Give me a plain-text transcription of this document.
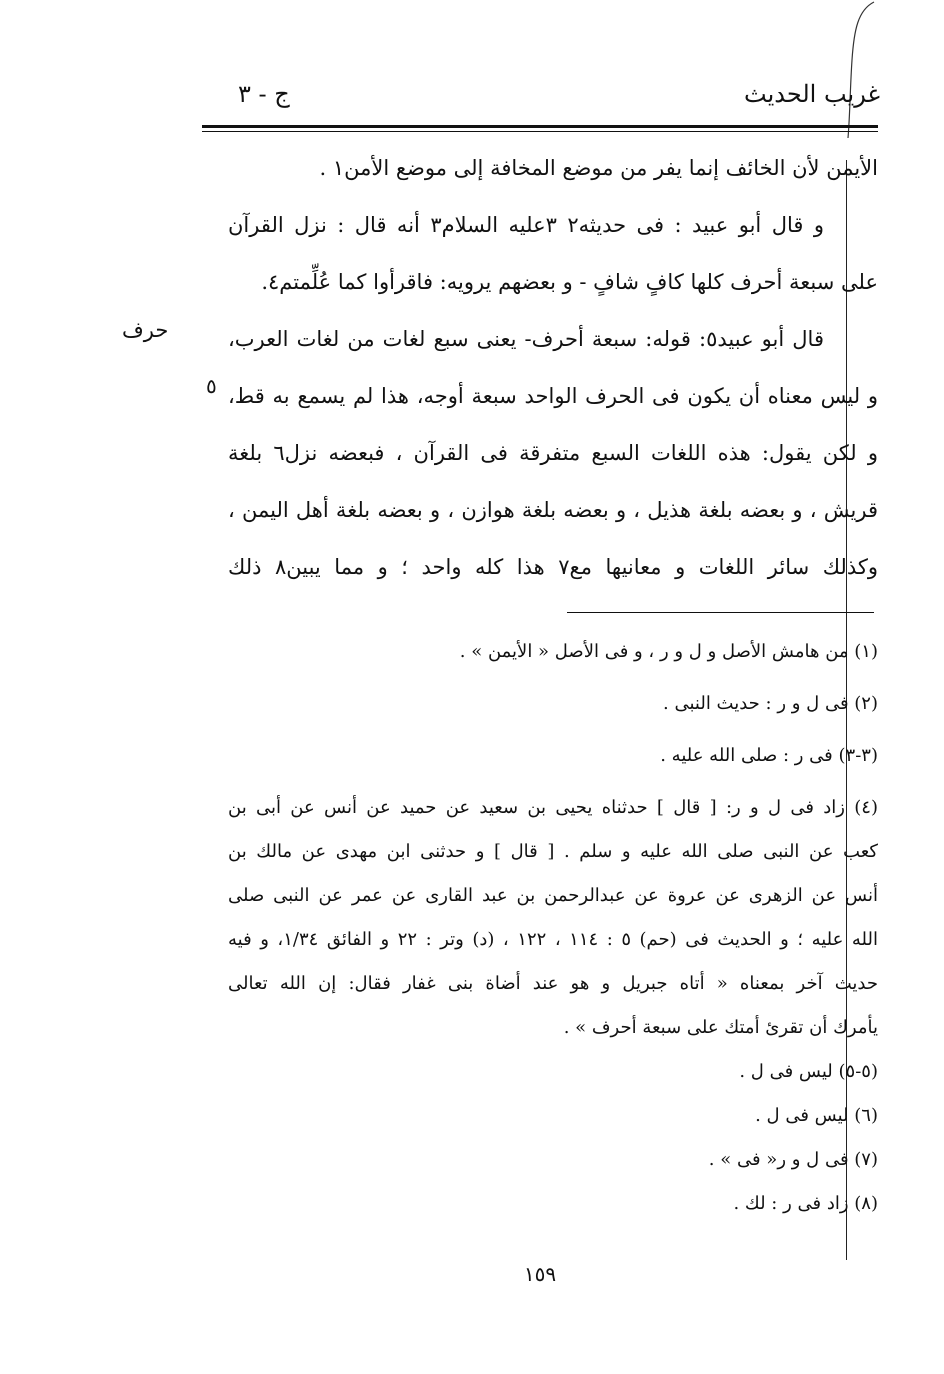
غريب الحديث
ج - ٣
حرف
٥
الأيمن لأن الخائف إنما يفر من موضع المخافة إلى موضع الأمن١ .
و قال أبو عبيد : فى حديثه٢ ٣عليه السلام٣ أنه قال : نزل القرآن
على سبعة أحرف كلها كافٍ شافٍ - و بعضهم يرويه: فاقرأوا كما عُلِّمتم٤.
قال أبو عبيد٥: قوله: سبعة أحرف- يعنى سبع لغات من لغات العرب،
و ليس معناه أن يكون فى الحرف الواحد سبعة أوجه، هذا لم يسمع به قط،
و لكن يقول: هذه اللغات السبع متفرقة فى القرآن ، فبعضه نزل٦ بلغة
قريش ، و بعضه بلغة هذيل ، و بعضه بلغة هوازن ، و بعضه بلغة أهل اليمن ،
وكذلك سائر اللغات و معانيها مع٧ هذا كله واحد ؛ و مما يبين٨ ذلك
(١) من هامش الأصل و ل و ر ، و فى الأصل « الأيمن » .
(٢) فى ل و ر : حديث النبى .
(٣-٣) فى ر : صلى الله عليه .
(٤) زاد فى ل و ر: [ قال ] حدثناه يحيى بن سعيد عن حميد عن أنس عن أبى بن
كعب عن النبى صلى الله عليه و سلم . [ قال ] و حدثنى ابن مهدى عن مالك بن
أنس عن الزهرى عن عروة عن عبدالرحمن بن عبد القارى عن عمر عن النبى صلى
الله عليه ؛ و الحديث فى (حم) ٥ : ١١٤ ، ١٢٢ ، (د) وتر : ٢٢ و الفائق ١/٣٤، و فيه
حديث آخر بمعناه « أتاه جبريل و هو عند أضاة بنى غفار فقال: إن الله تعالى
يأمرك أن تقرئ أمتك على سبعة أحرف » .
(٥-٥) ليس فى ل .
(٦) ليس فى ل .
(٧) فى ل و ر« فى » .
(٨) زاد فى ر : لك .
١٥٩
